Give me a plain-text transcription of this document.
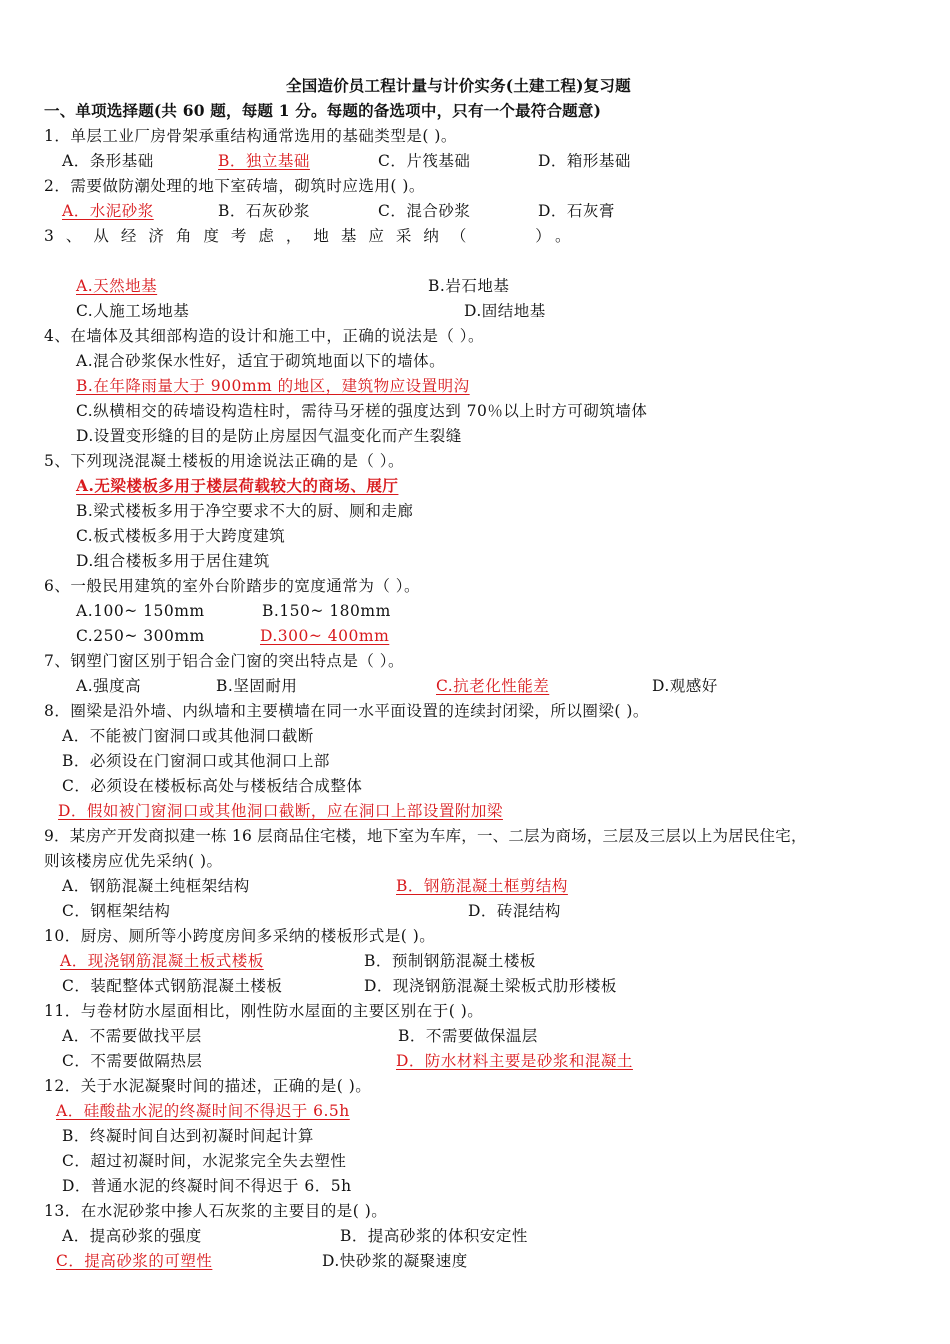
全国造价员工程计量与计价实务(土建工程)复习题
一、单项选择题(共 60 题，每题 1 分。每题的备选项中，只有一个最符合题意)
1．单层工业厂房骨架承重结构通常选用的基础类型是( )。
A．条形基础	B．独立基础	C．片筏基础	D．箱形基础
2．需要做防潮处理的地下室砖墙，砌筑时应选用( )。
A．水泥砂浆	B．石灰砂浆	C．混合砂浆	D．石灰膏
3、从经济角度考虑，地基应采纳（ ）。
A.天然地基	B.岩石地基
C.人施工场地基	D.固结地基
4、在墙体及其细部构造的设计和施工中，正确的说法是（ ）。
A.混合砂浆保水性好，适宜于砌筑地面以下的墙体。
B.在年降雨量大于 900mm 的地区，建筑物应设置明沟
C.纵横相交的砖墙设构造柱时，需待马牙槎的强度达到 70％以上时方可砌筑墙体
D.设置变形缝的目的是防止房屋因气温变化而产生裂缝
5、下列现浇混凝土楼板的用途说法正确的是（ ）。
A.无梁楼板多用于楼层荷载较大的商场、展厅
B.梁式楼板多用于净空要求不大的厨、厕和走廊
C.板式楼板多用于大跨度建筑
D.组合楼板多用于居住建筑
6、一般民用建筑的室外台阶踏步的宽度通常为（ ）。
A.100~ 150mm	B.150~ 180mm
C.250~ 300mm	D.300~ 400mm
7、钢塑门窗区别于铝合金门窗的突出特点是（ ）。
A.强度高	B.坚固耐用	C.抗老化性能差	D.观感好
8．圈梁是沿外墙、内纵墙和主要横墙在同一水平面设置的连续封闭梁，所以圈梁( )。
A．不能被门窗洞口或其他洞口截断
B．必须设在门窗洞口或其他洞口上部
C．必须设在楼板标高处与楼板结合成整体
D．假如被门窗洞口或其他洞口截断，应在洞口上部设置附加梁
9．某房产开发商拟建一栋 16 层商品住宅楼，地下室为车库，一、二层为商场，三层及三层以上为居民住宅，
则该楼房应优先采纳( )。
A．钢筋混凝土纯框架结构	B．钢筋混凝土框剪结构
C．钢框架结构	D．砖混结构
10．厨房、厕所等小跨度房间多采纳的楼板形式是( )。
A．现浇钢筋混凝土板式楼板	B．预制钢筋混凝土楼板
C．装配整体式钢筋混凝土楼板	D．现浇钢筋混凝土梁板式肋形楼板
11．与卷材防水屋面相比，刚性防水屋面的主要区别在于( )。
A．不需要做找平层	B．不需要做保温层
C．不需要做隔热层	D．防水材料主要是砂浆和混凝土
12．关于水泥凝聚时间的描述，正确的是( )。
A．硅酸盐水泥的终凝时间不得迟于 6.5h
B．终凝时间自达到初凝时间起计算
C．超过初凝时间，水泥浆完全失去塑性
D．普通水泥的终凝时间不得迟于 6．5h
13．在水泥砂浆中掺人石灰浆的主要目的是( )。
A．提高砂浆的强度	B．提高砂浆的体积安定性
C．提高砂浆的可塑性	D.快砂浆的凝聚速度
